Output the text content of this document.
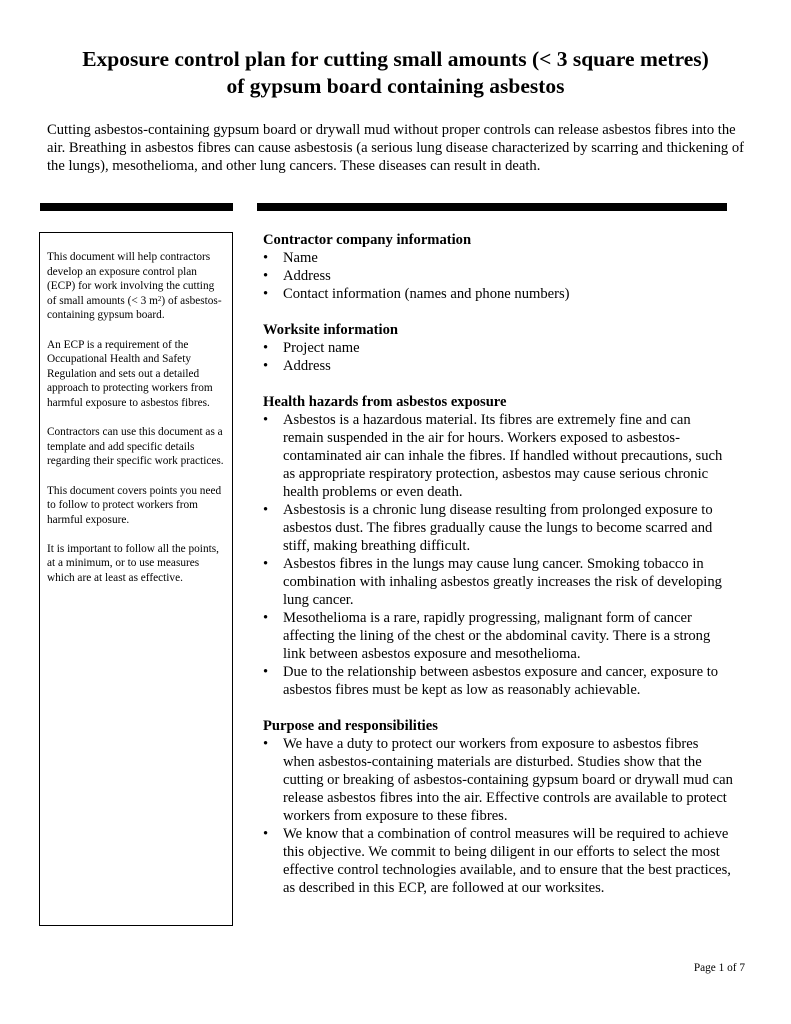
Exposure control plan for cutting small amounts (< 3 square metres)
of gypsum board containing asbestos

Cutting asbestos-containing gypsum board or drywall mud without proper controls can release asbestos fibres into the air. Breathing in asbestos fibres can cause asbestosis (a serious lung disease characterized by scarring and thickening of the lungs), mesothelioma, and other lung cancers. These diseases can result in death.

This document will help contractors develop an exposure control plan (ECP) for work involving the cutting of small amounts (< 3 $m^2$) of asbestos-containing gypsum board.

An ECP is a requirement of the Occupational Health and Safety Regulation and sets out a detailed approach to protecting workers from harmful exposure to asbestos fibres.

Contractors can use this document as a template and add specific details regarding their specific work practices.

This document covers points you need to follow to protect workers from harmful exposure.

It is important to follow all the points, at a minimum, or to use measures which are at least as effective.

Contractor company information
•	Name
•	Address
•	Contact information (names and phone numbers)
Worksite information
•	Project name
•	Address
Health hazards from asbestos exposure
•	Asbestos is a hazardous material. Its fibres are extremely fine and can remain suspended in the air for hours. Workers exposed to asbestos-contaminated air can inhale the fibres. If handled without precautions, such as appropriate respiratory protection, asbestos may cause serious chronic health problems or even death.
•	Asbestosis is a chronic lung disease resulting from prolonged exposure to asbestos dust. The fibres gradually cause the lungs to become scarred and stiff, making breathing difficult.
•	Asbestos fibres in the lungs may cause lung cancer. Smoking tobacco in combination with inhaling asbestos greatly increases the risk of developing lung cancer.
•	Mesothelioma is a rare, rapidly progressing, malignant form of cancer affecting the lining of the chest or the abdominal cavity. There is a strong link between asbestos exposure and mesothelioma.
•	Due to the relationship between asbestos exposure and cancer, exposure to asbestos fibres must be kept as low as reasonably achievable.
Purpose and responsibilities
•	We have a duty to protect our workers from exposure to asbestos fibres when asbestos-containing materials are disturbed. Studies show that the cutting or breaking of asbestos-containing gypsum board or drywall mud can release asbestos fibres into the air. Effective controls are available to protect workers from exposure to these fibres.
•	We know that a combination of control measures will be required to achieve this objective. We commit to being diligent in our efforts to select the most effective control technologies available, and to ensure that the best practices, as described in this ECP, are followed at our worksites.
Page 1 of 7
